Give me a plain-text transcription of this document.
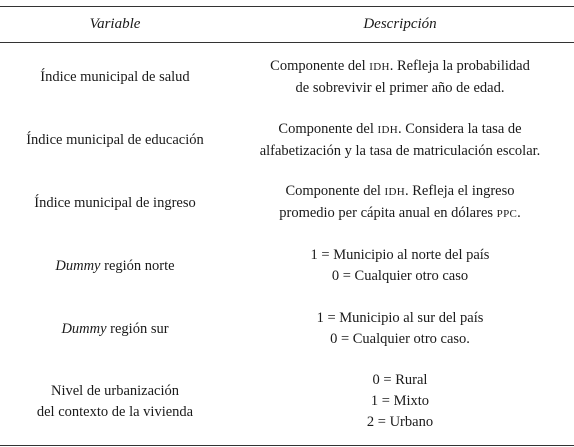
Variable	Descripción
Índice municipal de salud
Componente del IDH. Refleja la probabilidad
de sobrevivir el primer año de edad.
Índice municipal de educación
Componente del IDH. Considera la tasa de
alfabetización y la tasa de matriculación escolar.
Índice municipal de ingreso
Componente del IDH. Refleja el ingreso
promedio per cápita anual en dólares PPC.
Dummy región norte
1 = Municipio al norte del país
0 = Cualquier otro caso
Dummy región sur
1 = Municipio al sur del país
0 = Cualquier otro caso.
Nivel de urbanización
del contexto de la vivienda
0 = Rural
1 = Mixto
2 = Urbano
